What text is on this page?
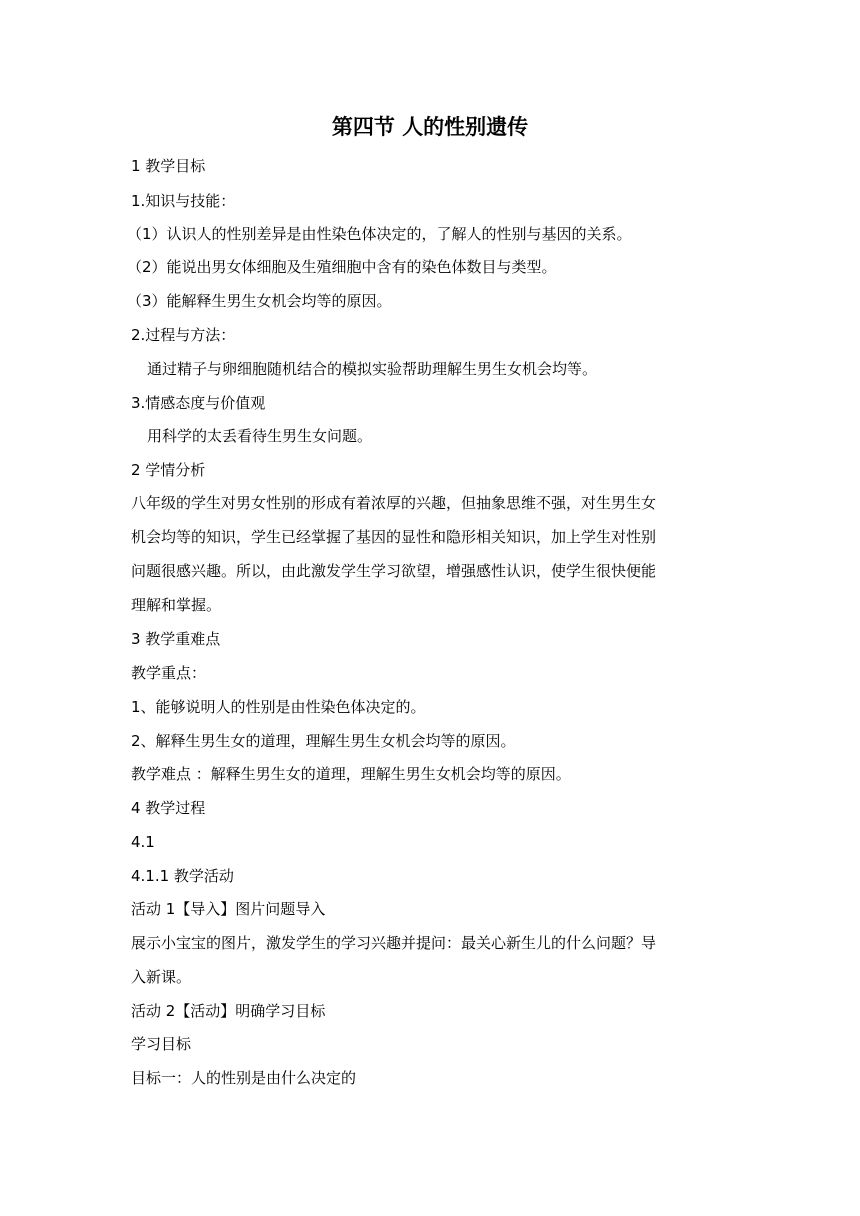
第四节 人的性别遗传
1 教学目标
1.知识与技能：
（1）认识人的性别差异是由性染色体决定的，了解人的性别与基因的关系。
（2）能说出男女体细胞及生殖细胞中含有的染色体数目与类型。
（3）能解释生男生女机会均等的原因。
2.过程与方法：
通过精子与卵细胞随机结合的模拟实验帮助理解生男生女机会均等。
3.情感态度与价值观
用科学的太丢看待生男生女问题。
2 学情分析
八年级的学生对男女性别的形成有着浓厚的兴趣，但抽象思维不强，对生男生女
机会均等的知识，学生已经掌握了基因的显性和隐形相关知识，加上学生对性别
问题很感兴趣。所以，由此激发学生学习欲望，增强感性认识，使学生很快便能
理解和掌握。
3 教学重难点
教学重点：
1、能够说明人的性别是由性染色体决定的。
2、解释生男生女的道理，理解生男生女机会均等的原因。
教学难点 ：解释生男生女的道理，理解生男生女机会均等的原因。
4 教学过程
4.1
4.1.1 教学活动
活动 1【导入】图片问题导入
展示小宝宝的图片，激发学生的学习兴趣并提问：最关心新生儿的什么问题？导
入新课。
活动 2【活动】明确学习目标
学习目标
目标一：人的性别是由什么决定的
